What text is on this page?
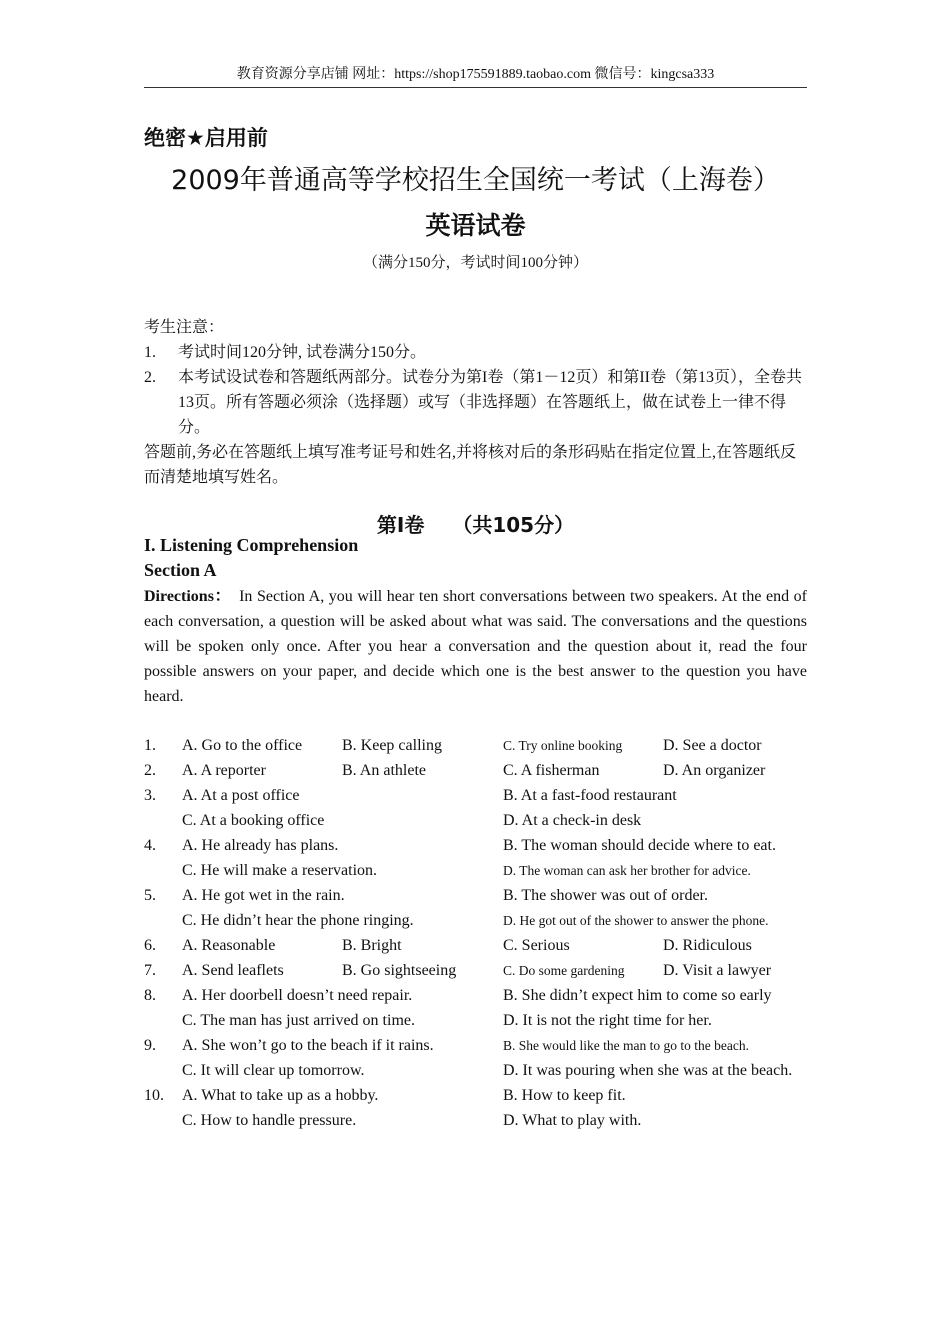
教育资源分享店铺 网址：https://shop175591889.taobao.com 微信号：kingcsa333
绝密★启用前
2009年普通高等学校招生全国统一考试（上海卷）
英语试卷
（满分150分，考试时间100分钟）
考生注意：
1.	考试时间120分钟, 试卷满分150分。
2.	本考试设试卷和答题纸两部分。试卷分为第I卷（第1－12页）和第II卷（第13页），全卷共13页。所有答题必须涂（选择题）或写（非选择题）在答题纸上，做在试卷上一律不得分。
答题前,务必在答题纸上填写准考证号和姓名,并将核对后的条形码贴在指定位置上,在答题纸反而清楚地填写姓名。
第I卷 （共105分）
I. Listening Comprehension
Section A
Directions： In Section A, you will hear ten short conversations between two speakers. At the end of each conversation, a question will be asked about what was said. The conversations and the questions will be spoken only once. After you hear a conversation and the question about it, read the four possible answers on your paper, and decide which one is the best answer to the question you have heard.
1. A. Go to the office B. Keep calling	C. Try online booking	D. See a doctor
2. A. A reporter	B. An athlete	C. A fisherman	D. An organizer
3. A. At a post office	B. At a fast-food restaurant
C. At a booking office	D. At a check-in desk
4. A. He already has plans.	B. The woman should decide where to eat.
C. He will make a reservation.	D. The woman can ask her brother for advice.
5. A. He got wet in the rain.	B. The shower was out of order.
C. He didn’t hear the phone ringing.	D. He got out of the shower to answer the phone.
6. A. Reasonable	B. Bright	C. Serious	D. Ridiculous
7. A. Send leaflets	B. Go sightseeing	C. Do some gardening D. Visit a lawyer
8. A. Her doorbell doesn’t need repair.	B. She didn’t expect him to come so early
C. The man has just arrived on time.	D. It is not the right time for her.
9. A. She won’t go to the beach if it rains.	B. She would like the man to go to the beach.
C. It will clear up tomorrow.	D. It was pouring when she was at the beach.
10. A. What to take up as a hobby.	B. How to keep fit.
C. How to handle pressure.	D. What to play with.
